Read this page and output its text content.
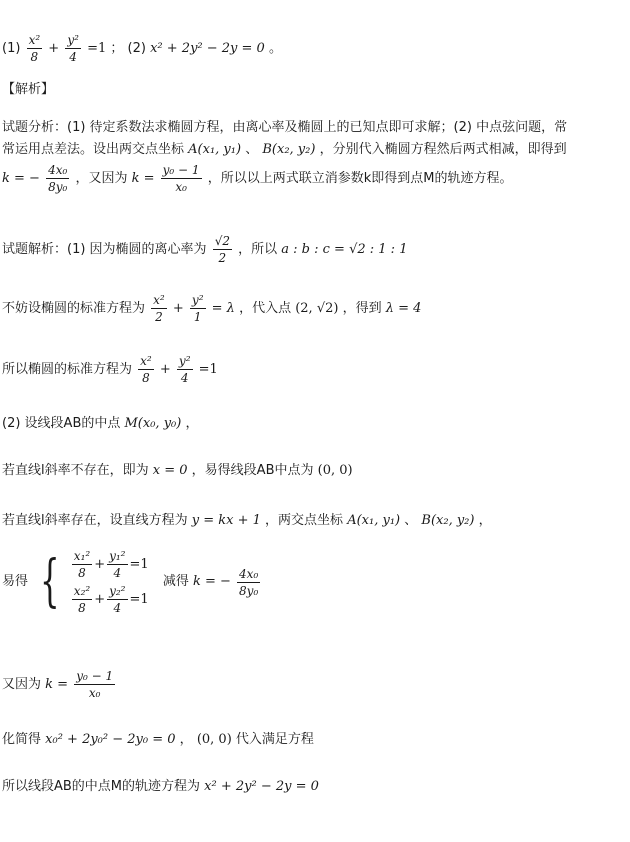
$(1) \frac{\text{x²}}{8} + \frac{\text{y²}}{4} =1$ ； (2) x² + 2y² − 2y = 0 。
【解析】
试题分析：(1) 待定系数法求椭圆方程，由离心率及椭圆上的已知点即可求解；(2) 中点弦问题，常
常运用点差法。设出两交点坐标 A(x₁, y₁) 、 B(x₂, y₂) ，分别代入椭圆方程然后两式相减，即得到
k = − $\frac{\text{4x₀}}{\text{8y₀}}$ ，又因为 $k = \frac{\text{y₀ − 1}}{\text{x₀}}$ ，所以以上两式联立消参数k即得到点M的轨迹方程。
试题解析：(1) 因为椭圆的离心率为 $\frac{√2}{2}$ ，所以 a : b : c = √2 : 1 : 1
不妨设椭圆的标准方程为 $\frac{\text{x²}}{2} + \frac{\text{y²}}{1} = \lambda$ ，代入点 (2, √2) ，得到 λ = 4
所以椭圆的标准方程为 $\frac{\text{x²}}{8} + \frac{\text{y²}}{4} =1$
(2) 设线段AB的中点 M(x₀, y₀) ，
若直线l斜率不存在，即为 x = 0 ，易得线段AB中点为 (0, 0)
若直线l斜率存在，设直线方程为 y = kx + 1 ，两交点坐标 A(x₁, y₁) 、 B(x₂, y₂) ，
易得 { $\frac{\text{x₁²}}{8} + \frac{\text{y₁²}}{4} =1$
$\frac{\text{x₂²}}{8} + \frac{\text{y₂²}}{4} =1$
减得 k = − $\frac{\text{4x₀}}{\text{8y₀}}$
又因为 $k = \frac{\text{y₀ − 1}}{\text{x₀}}$
化简得 x₀² + 2y₀² − 2y₀ = 0 ， (0, 0) 代入满足方程
所以线段AB的中点M的轨迹方程为 x² + 2y² − 2y = 0
